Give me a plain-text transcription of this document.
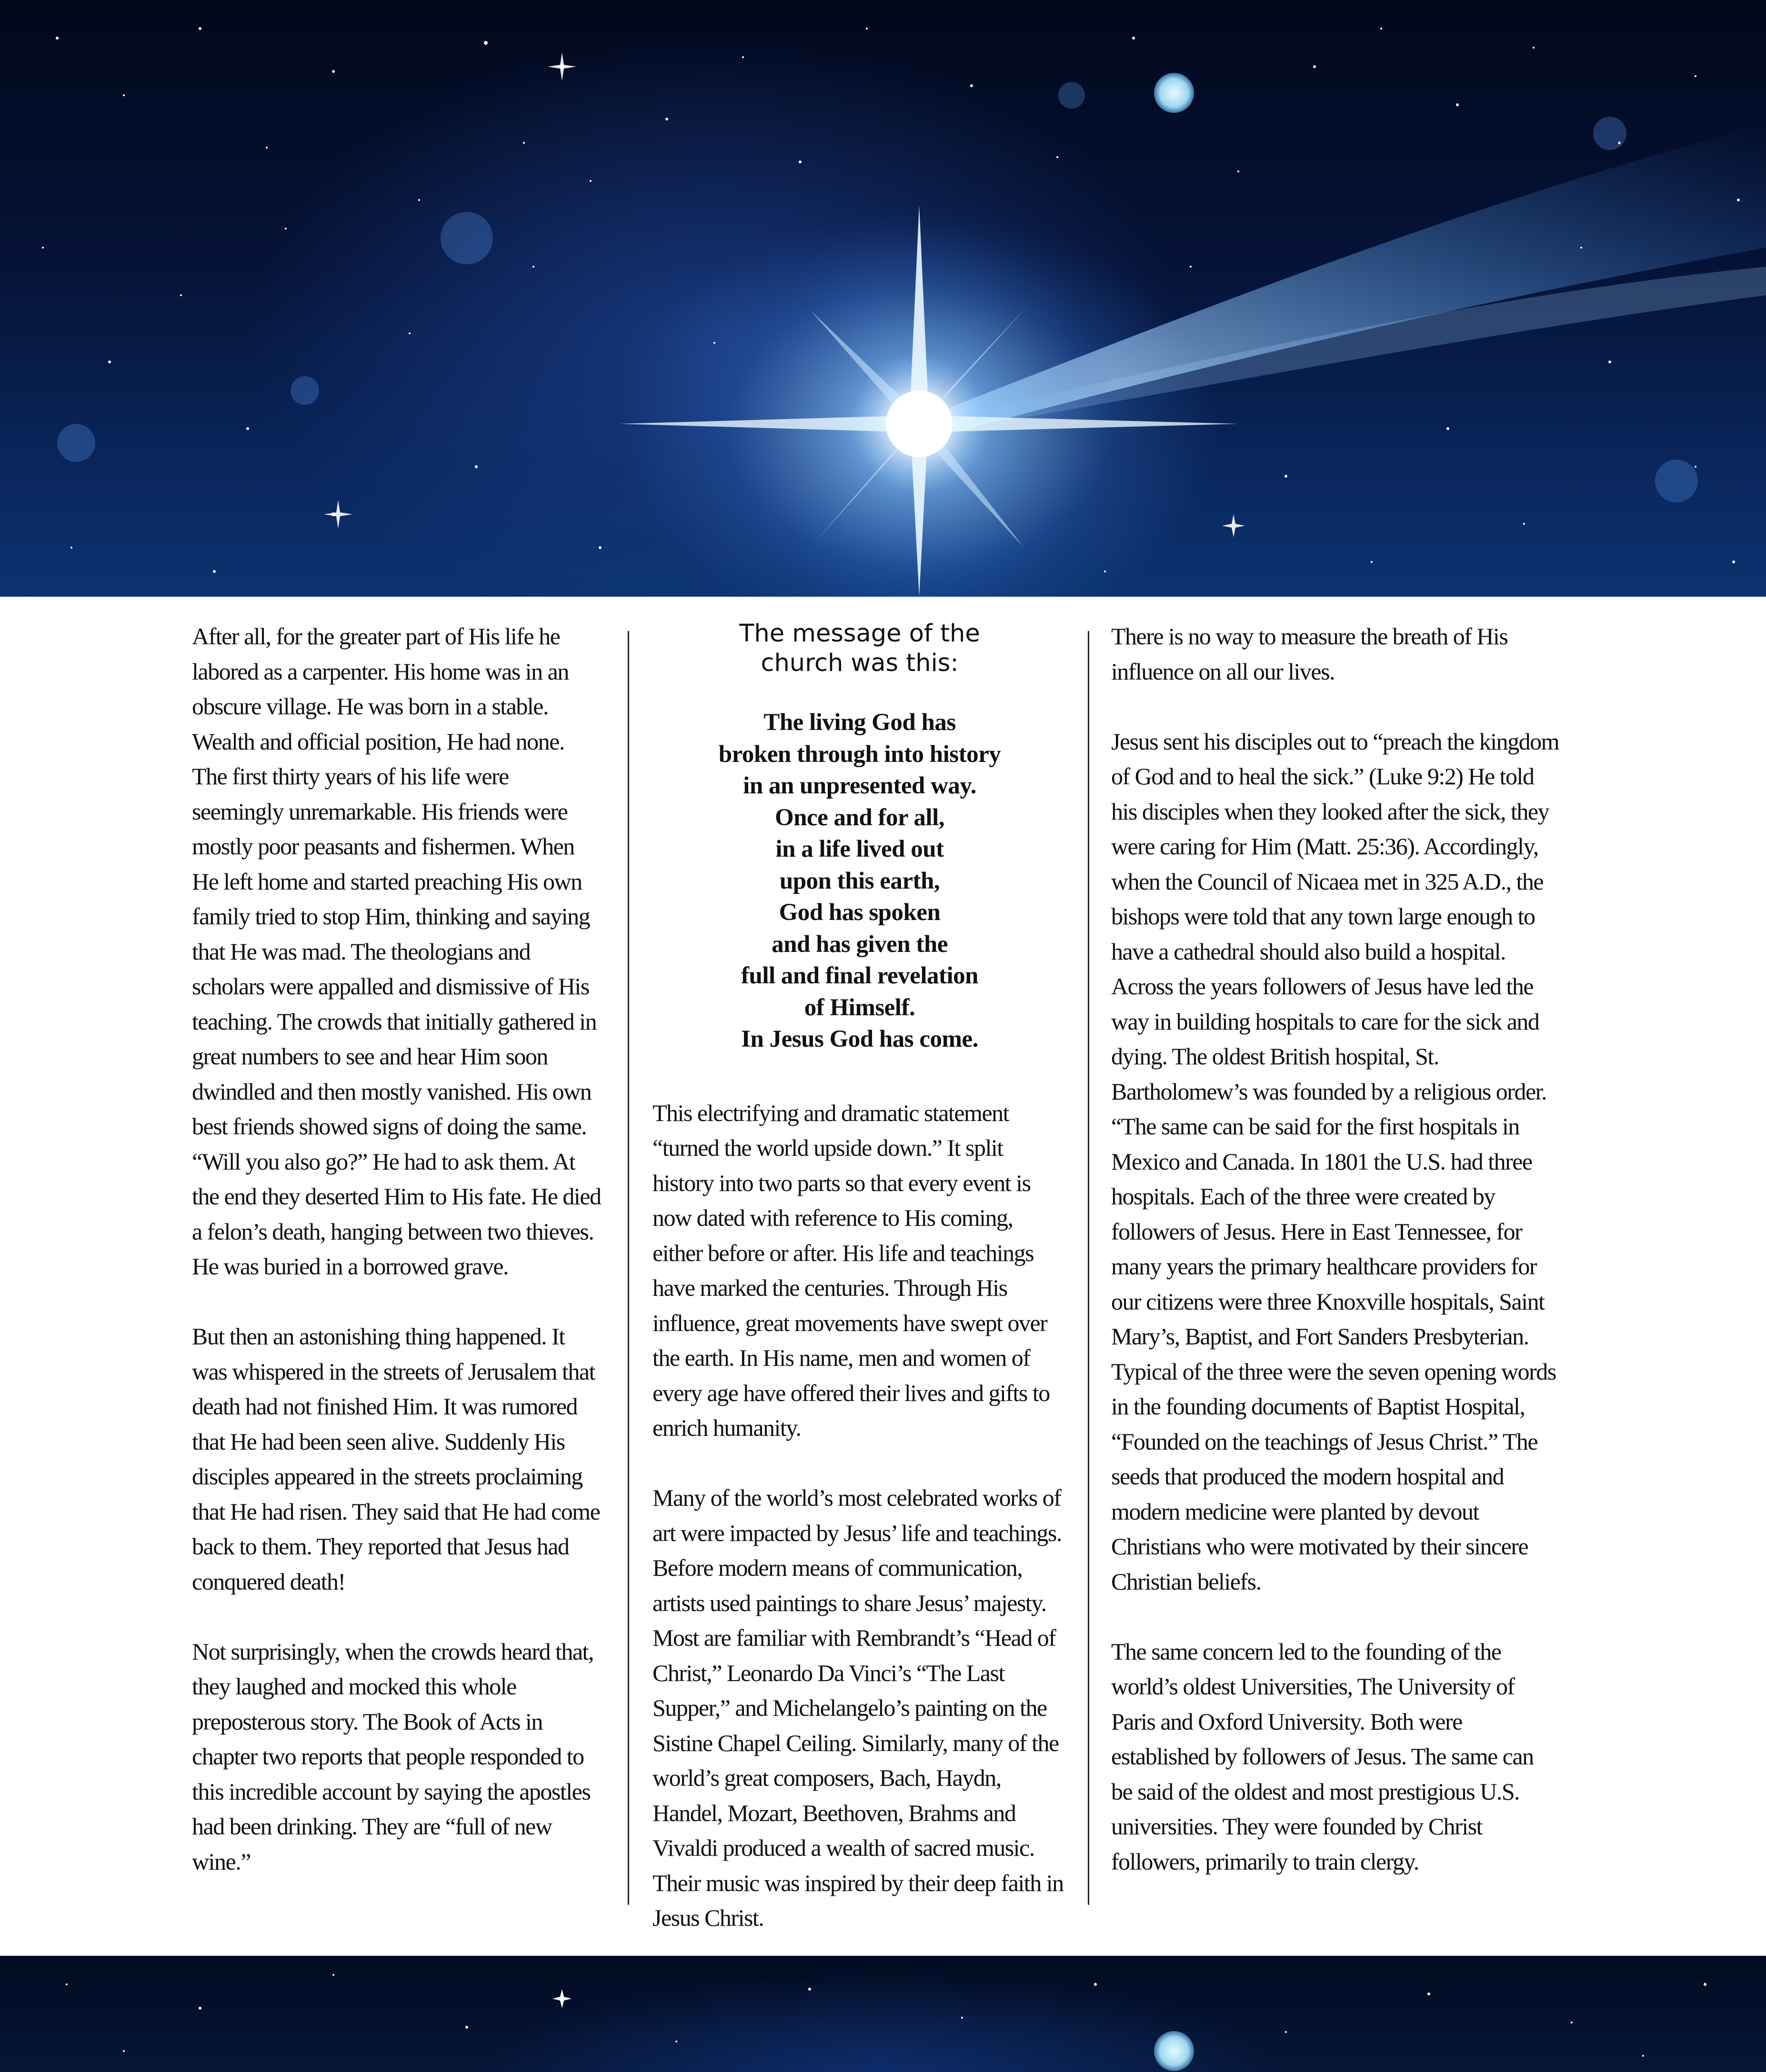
After all, for the greater part of His life he labored as a carpenter. His home was in an obscure village. He was born in a stable. Wealth and official position, He had none. The first thirty years of his life were seemingly unremarkable. His friends were mostly poor peasants and fishermen. When He left home and started preaching His own family tried to stop Him, thinking and saying that He was mad. The theologians and scholars were appalled and dismissive of His teaching. The crowds that initially gathered in great numbers to see and hear Him soon dwindled and then mostly vanished. His own best friends showed signs of doing the same. “Will you also go?” He had to ask them. At the end they deserted Him to His fate. He died a felon’s death, hanging between two thieves. He was buried in a borrowed grave.

But then an astonishing thing happened. It was whispered in the streets of Jerusalem that death had not finished Him. It was rumored that He had been seen alive. Suddenly His disciples appeared in the streets proclaiming that He had risen. They said that He had come back to them. They reported that Jesus had conquered death!

Not surprisingly, when the crowds heard that, they laughed and mocked this whole preposterous story. The Book of Acts in chapter two reports that people responded to this incredible account by saying the apostles had been drinking. They are “full of new wine.”

The message of the
church was this:
The living God has
broken through into history
in an unpresented way.
Once and for all,
in a life lived out
upon this earth,
God has spoken
and has given the
full and final revelation
of Himself.
In Jesus God has come.

This electrifying and dramatic statement “turned the world upside down.” It split history into two parts so that every event is now dated with reference to His coming, either before or after. His life and teachings have marked the centuries. Through His influence, great movements have swept over the earth. In His name, men and women of every age have offered their lives and gifts to enrich humanity.

Many of the world’s most celebrated works of art were impacted by Jesus’ life and teachings. Before modern means of communication, artists used paintings to share Jesus’ majesty. Most are familiar with Rembrandt’s “Head of Christ,” Leonardo Da Vinci’s “The Last Supper,” and Michelangelo’s painting on the Sistine Chapel Ceiling. Similarly, many of the world’s great composers, Bach, Haydn, Handel, Mozart, Beethoven, Brahms and Vivaldi produced a wealth of sacred music. Their music was inspired by their deep faith in Jesus Christ.

There is no way to measure the breath of His influence on all our lives.

Jesus sent his disciples out to “preach the kingdom of God and to heal the sick.” (Luke 9:2) He told his disciples when they looked after the sick, they were caring for Him (Matt. 25:36). Accordingly, when the Council of Nicaea met in 325 A.D., the bishops were told that any town large enough to have a cathedral should also build a hospital. Across the years followers of Jesus have led the way in building hospitals to care for the sick and dying. The oldest British hospital, St. Bartholomew’s was founded by a religious order. “The same can be said for the first hospitals in Mexico and Canada. In 1801 the U.S. had three hospitals. Each of the three were created by followers of Jesus. Here in East Tennessee, for many years the primary healthcare providers for our citizens were three Knoxville hospitals, Saint Mary’s, Baptist, and Fort Sanders Presbyterian. Typical of the three were the seven opening words in the founding documents of Baptist Hospital, “Founded on the teachings of Jesus Christ.” The seeds that produced the modern hospital and modern medicine were planted by devout Christians who were motivated by their sincere Christian beliefs.

The same concern led to the founding of the world’s oldest Universities, The University of Paris and Oxford University. Both were established by followers of Jesus. The same can be said of the oldest and most prestigious U.S. universities. They were founded by Christ followers, primarily to train clergy.
